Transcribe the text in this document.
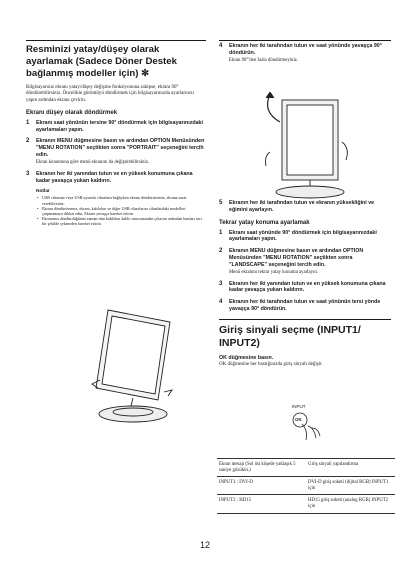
Resminizi yatay/düşey olarak ayarlamak (Sadece Döner Destek bağlanmış modeller için) ✻

Bilgisayarınız ekranı yatay/düşey değişme fonksiyonuna sahipse, ekranı 90° döndürebilirsiniz. Öncelikle görüntüyü döndürmek için bilgisayarınızda ayarlarınızı yapın ardından ekranı çevirin.

Ekranı düşey olarak döndürmek
1	Ekranı saat yönünün tersine 90° döndürmek için bilgisayarınızdaki ayarlamaları yapın.
2	Ekranın MENU düğmesine basın ve ardından OPTION Menüsünden "MENU ROTATION" seçtikten sonra "PORTRAIT" seçeneğini tercih edin.
Ekran konumuna göre menü ekranını da değiştirebilirsiniz.
3	Ekranın her iki yanından tutun ve en yüksek konumuna çıkana kadar yavaşça yukarı kaldırın.
Notlar
• USB cihazına veya USB uyumlu cihazlara bağlıyken ekranı döndürürseniz, ekrana zarar verebilirsiniz.
• Ekranı döndürürseniz, ekranı, kabloları ve diğer USB cihazlarını cihazlardaki modelleri çarpmamaya dikkat edin. Ekranı yavaşça hareket ettirin.
• Ekranınızı döndürdüğünüz zaman tüm kabloları kablo tutucusundan çıkartın ardından bunları sert bir şekilde çekmeden hareket ettirin.
4	Ekranın her iki tarafından tutun ve saat yönünde yavaşça 90° döndürün.
Ekran 90°'den fazla döndürmeyiniz.
5	Ekranın her iki tarafından tutun ve ekranın yüksekliğini ve eğimini ayarlayın.
Tekrar yatay konuma ayarlamak
1	Ekranı saat yönünde 90° döndürmek için bilgisayarınızdaki ayarlamaları yapın.
2	Ekranın MENU düğmesine basın ve ardından OPTION Menüsünden "MENU ROTATION" seçtikten sonra "LANDSCAPE" seçeneğini tercih edin.
Menü ekranını tekrar yatay konuma ayarlayın.
3	Ekranın her iki yanından tutun ve en yüksek konumuna çıkana kadar yavaşça yukarı kaldırın.
4	Ekranın her iki tarafından tutun ve saat yönünün tersi yönde yavaşça 90° döndürün.
Giriş sinyali seçme (INPUT1/ INPUT2)
OK düğmesine basın.

OK düğmesine her bastığınızda giriş sinyali değişir.

INPUT
OK
Ekran mesajı (Sol üst köşede yaklaşık 5 saniye gözükür.)	Giriş sinyali yapılandırma
INPUT1 : DVI-D	DVI-D giriş soketi (dijital RGB) INPUT1 için
INPUT2 : HD15	HD15 giriş soketi (analog RGB) INPUT2 için
12
